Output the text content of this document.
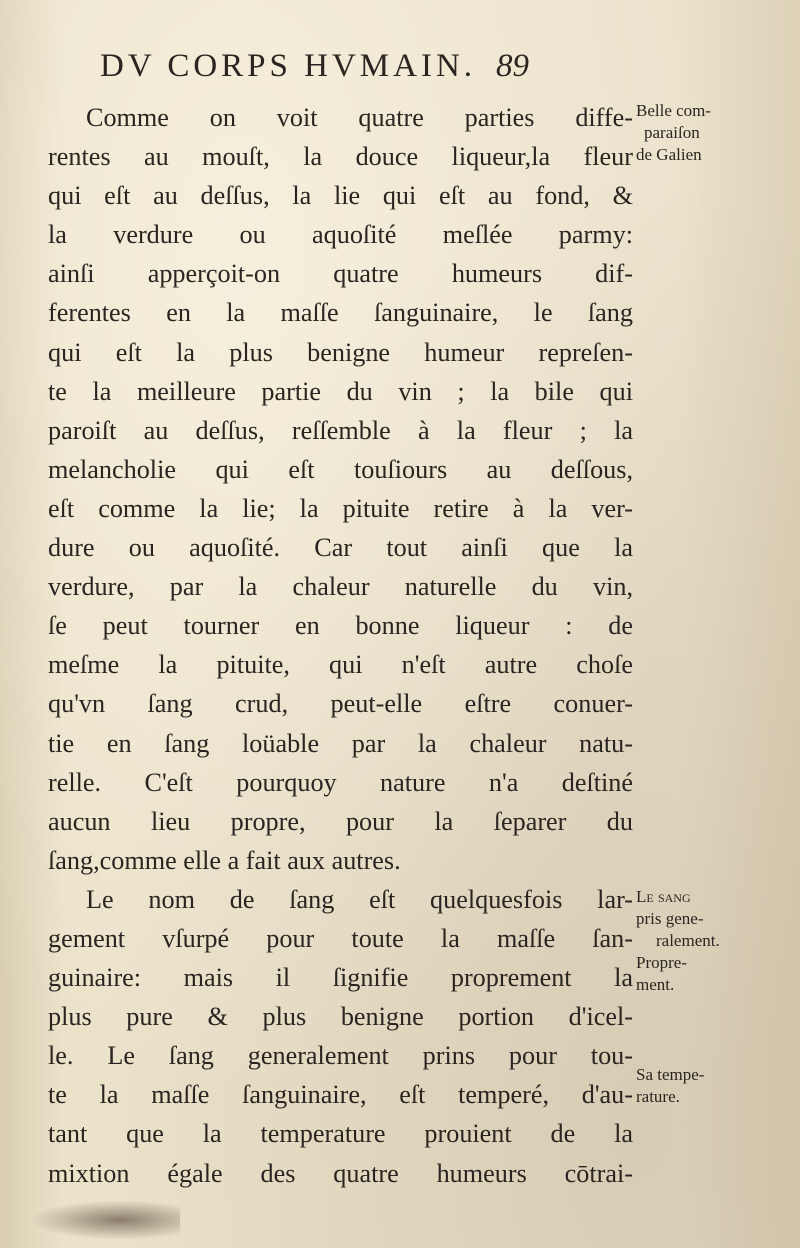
DV CORPS HVMAIN. 89
Comme on voit quatre parties diffe-
rentes au mouſt, la douce liqueur,la fleur
qui eſt au deſſus, la lie qui eſt au fond, &
la verdure ou aquoſité meſlée parmy:
ainſi apperçoit-on quatre humeurs dif-
ferentes en la maſſe ſanguinaire, le ſang
qui eſt la plus benigne humeur repreſen-
te la meilleure partie du vin ; la bile qui
paroiſt au deſſus, reſſemble à la fleur ; la
melancholie qui eſt touſiours au deſſous,
eſt comme la lie; la pituite retire à la ver-
dure ou aquoſité. Car tout ainſi que la
verdure, par la chaleur naturelle du vin,
ſe peut tourner en bonne liqueur : de
meſme la pituite, qui n'eſt autre choſe
qu'vn ſang crud, peut-elle eſtre conuer-
tie en ſang loüable par la chaleur natu-
relle. C'eſt pourquoy nature n'a deſtiné
aucun lieu propre, pour la ſeparer du
ſang,comme elle a fait aux autres.
Le nom de ſang eſt quelquesfois lar-
gement vſurpé pour toute la maſſe ſan-
guinaire: mais il ſignifie proprement la
plus pure & plus benigne portion d'icel-
le. Le ſang generalement prins pour tou-
te la maſſe ſanguinaire, eſt temperé, d'au-
tant que la temperature prouient de la
mixtion égale des quatre humeurs cōtrai-
Belle com-
paraiſon
de Galien
Le sang
pris gene-
ralement.
Propre-
ment.
Sa tempe-
rature.
